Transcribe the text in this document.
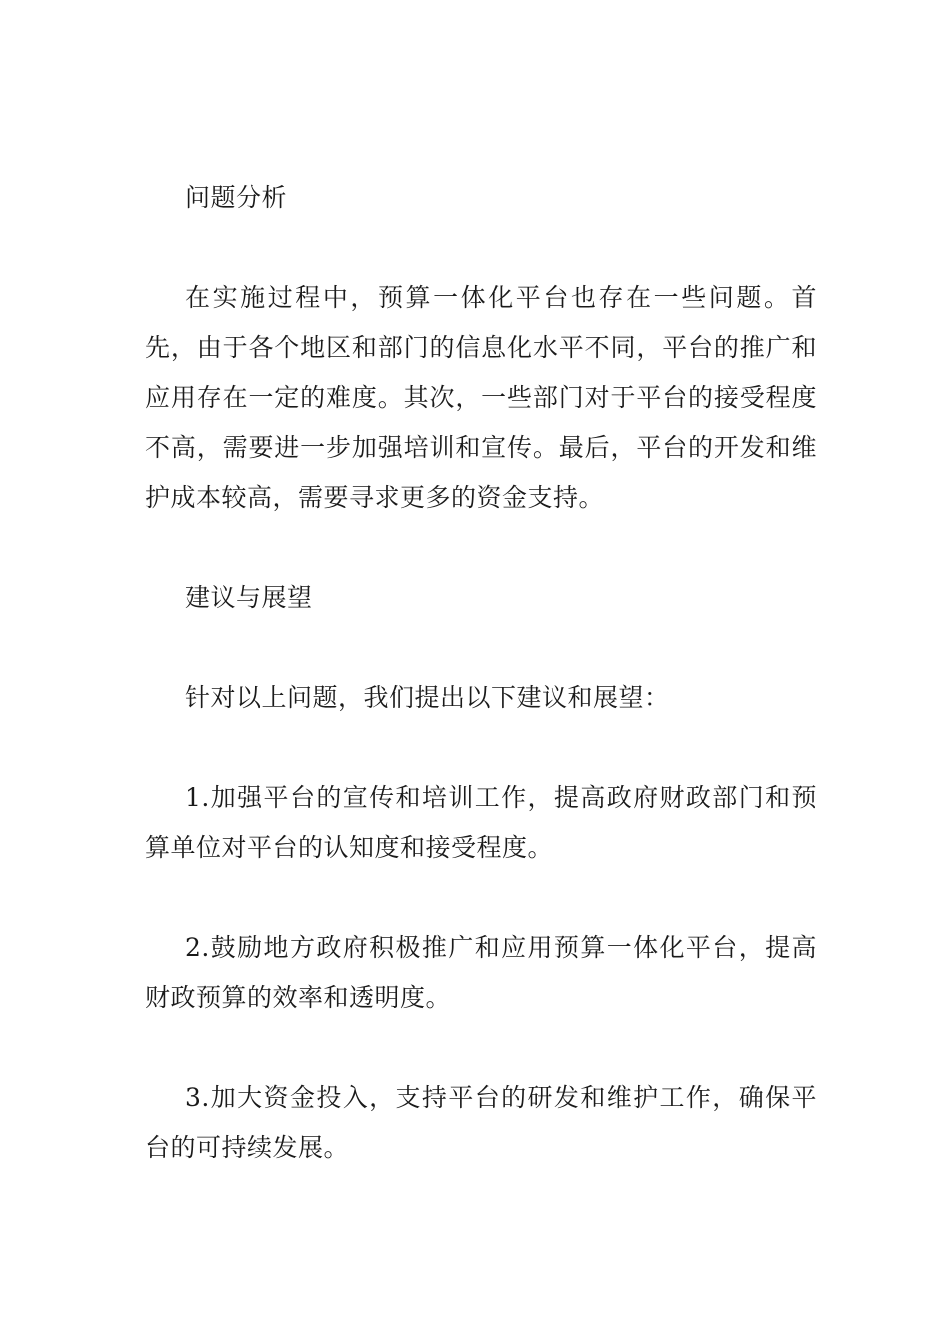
问题分析

在实施过程中，预算一体化平台也存在一些问题。首先，由于各个地区和部门的信息化水平不同，平台的推广和应用存在一定的难度。其次，一些部门对于平台的接受程度不高，需要进一步加强培训和宣传。最后，平台的开发和维护成本较高，需要寻求更多的资金支持。

建议与展望

针对以上问题，我们提出以下建议和展望：

1.加强平台的宣传和培训工作，提高政府财政部门和预算单位对平台的认知度和接受程度。

2.鼓励地方政府积极推广和应用预算一体化平台，提高财政预算的效率和透明度。

3.加大资金投入，支持平台的研发和维护工作，确保平台的可持续发展。
